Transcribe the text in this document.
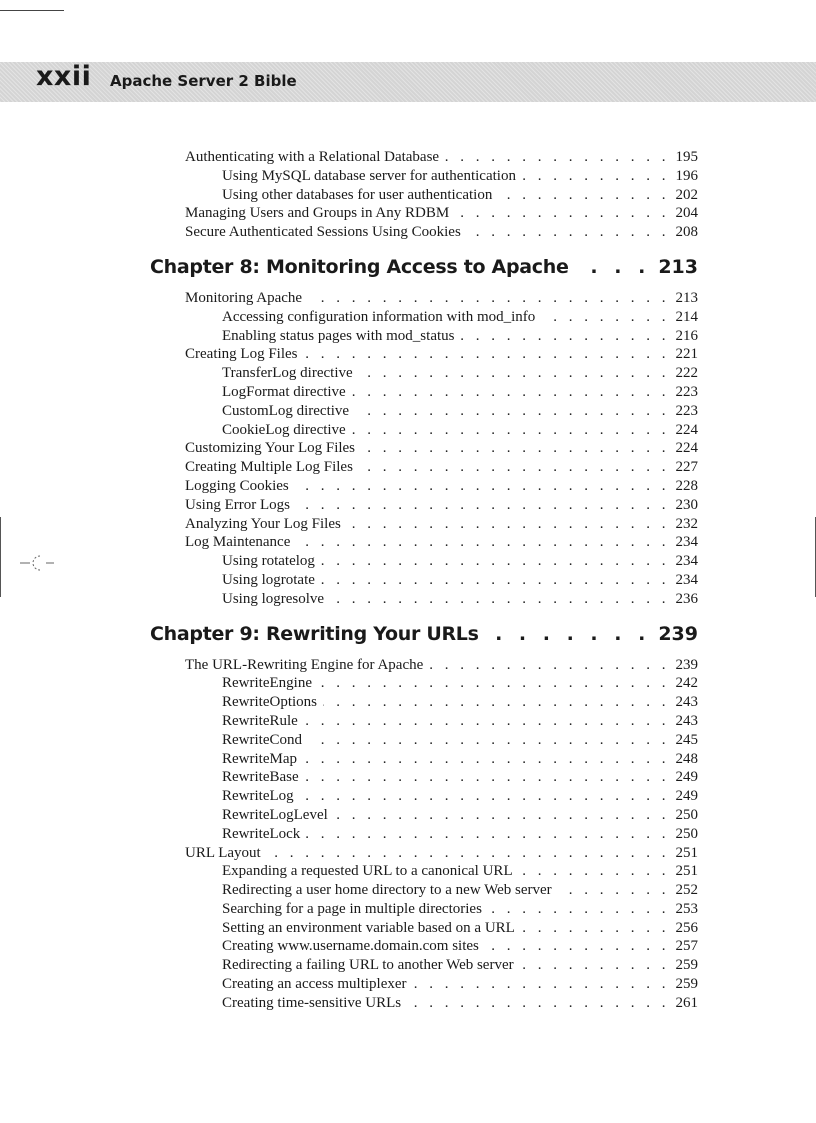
xxii Apache Server 2 Bible
Authenticating with a Relational Database . . .	195
Using MySQL database server for authentication . . .	196
Using other databases for user authentication . . .	202
Managing Users and Groups in Any RDBM . . .	204
Secure Authenticated Sessions Using Cookies . . .	208
Chapter 8: Monitoring Access to Apache . . .	213
Monitoring Apache . . .	213
Accessing configuration information with mod_info . . .	214
Enabling status pages with mod_status . . .	216
Creating Log Files . . .	221
TransferLog directive . . .	222
LogFormat directive . . .	223
CustomLog directive . . .	223
CookieLog directive . . .	224
Customizing Your Log Files . . .	224
Creating Multiple Log Files . . .	227
Logging Cookies . . .	228
Using Error Logs . . .	230
Analyzing Your Log Files . . .	232
Log Maintenance . . .	234
Using rotatelog . . .	234
Using logrotate . . .	234
Using logresolve . . .	236
Chapter 9: Rewriting Your URLs . . .	239
The URL-Rewriting Engine for Apache . . .	239
RewriteEngine . . .	242
RewriteOptions . . .	243
RewriteRule . . .	243
RewriteCond . . .	245
RewriteMap . . .	248
RewriteBase . . .	249
RewriteLog . . .	249
RewriteLogLevel . . .	250
RewriteLock . . .	250
URL Layout . . .	251
Expanding a requested URL to a canonical URL . . .	251
Redirecting a user home directory to a new Web server . . .	252
Searching for a page in multiple directories . . .	253
Setting an environment variable based on a URL . . .	256
Creating www.username.domain.com sites . . .	257
Redirecting a failing URL to another Web server . . .	259
Creating an access multiplexer . . .	259
Creating time-sensitive URLs . . .	261
